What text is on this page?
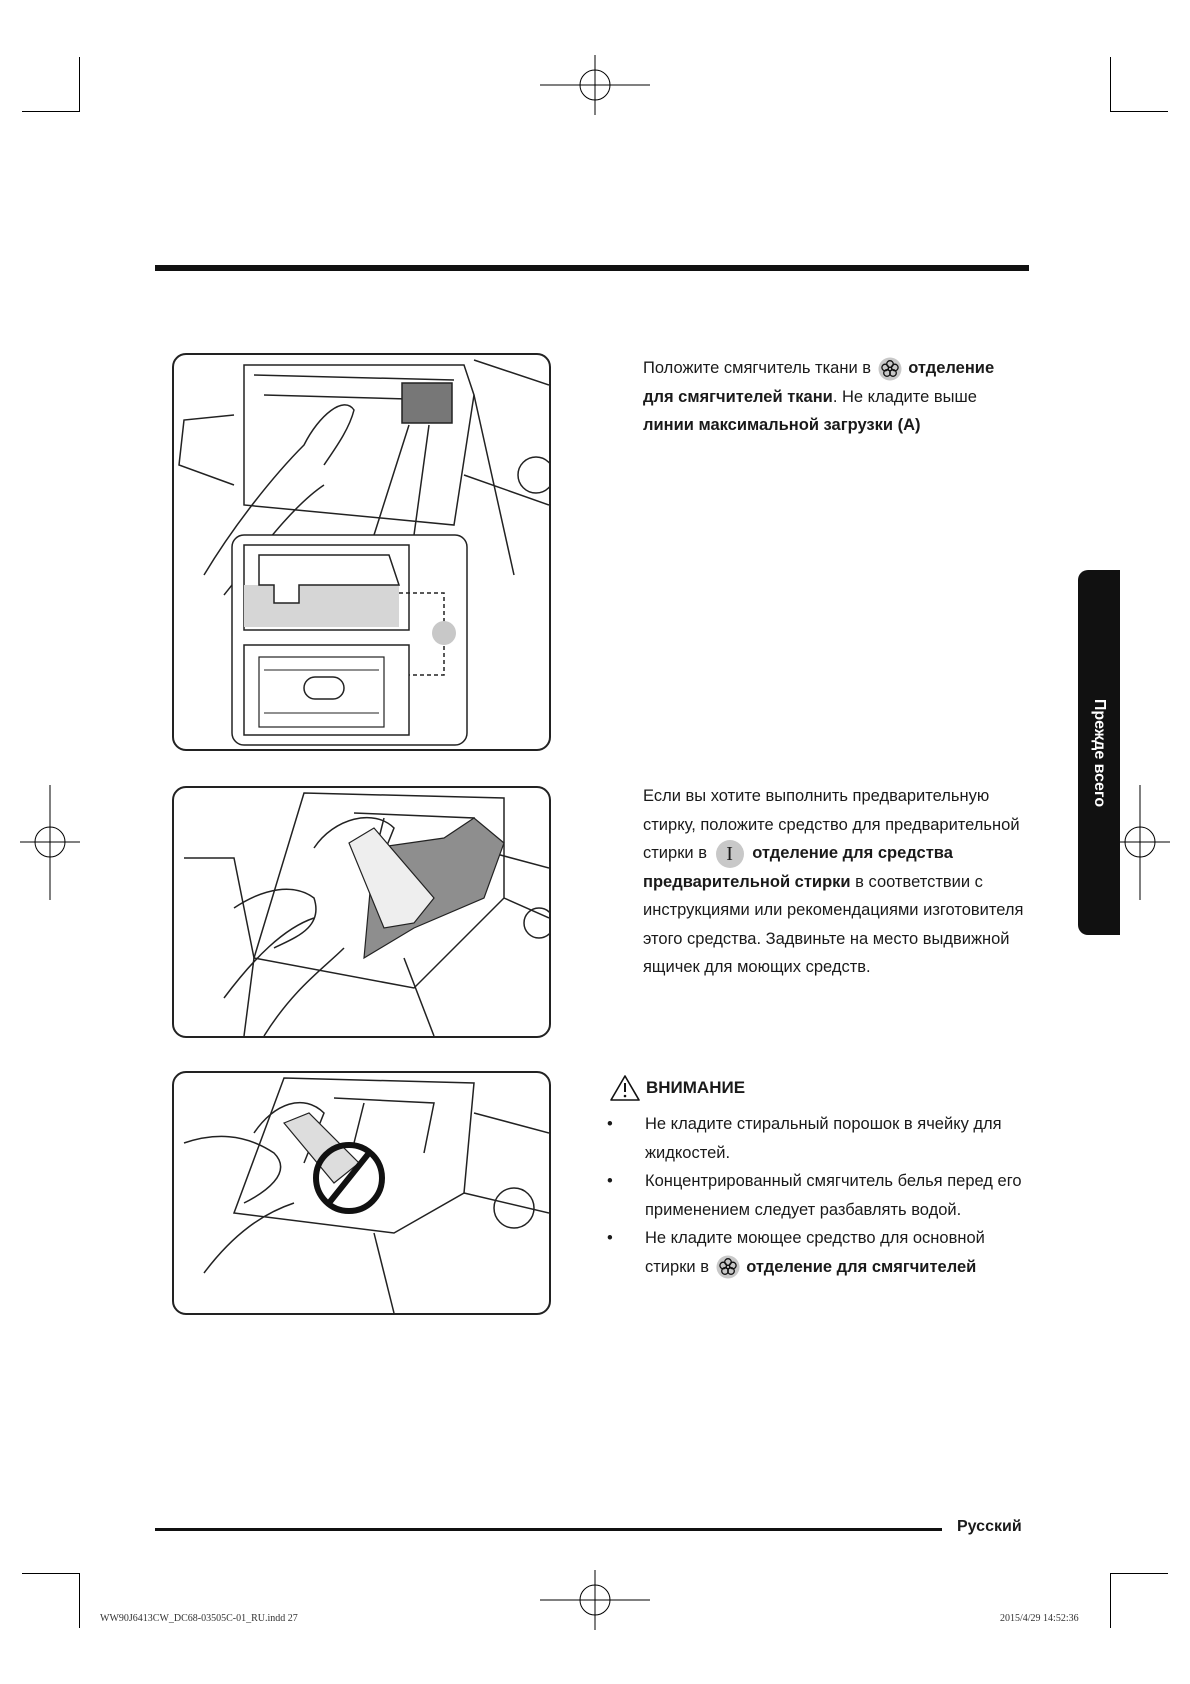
Прежде всего
Положите смягчитель ткани в отделение для смягчителей ткани. Не кладите выше линии максимальной загрузки (A)
Если вы хотите выполнить предварительную стирку, положите средство для предварительной стирки в I отделение для средства предварительной стирки в соответствии с инструкциями или рекомендациями изготовителя этого средства. Задвиньте на место выдвижной ящичек для моющих средств.
ВНИМАНИЕ
• Не кладите стиральный порошок в ячейку для жидкостей.
• Концентрированный смягчитель белья перед его применением следует разбавлять водой.
• Не кладите моющее средство для основной стирки в отделение для смягчителей
Русский
WW90J6413CW_DC68-03505C-01_RU.indd 27	2015/4/29 14:52:36
